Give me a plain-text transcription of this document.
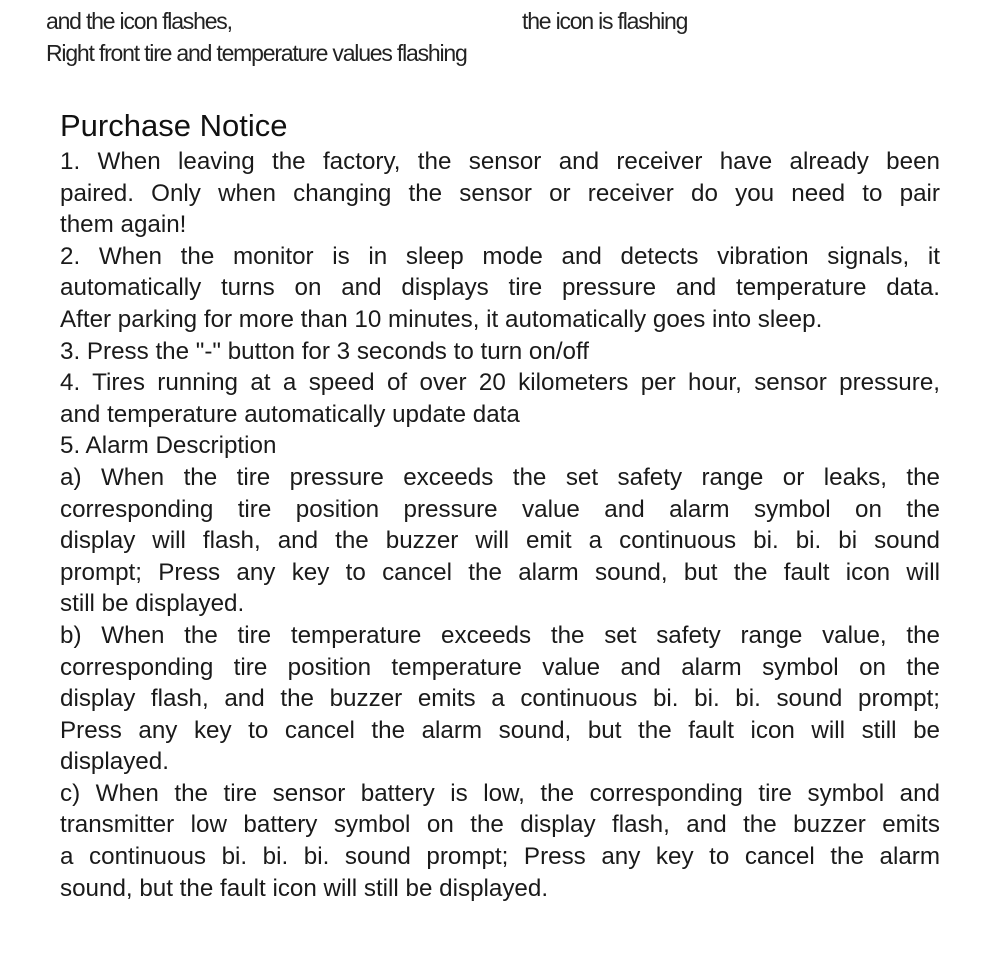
and the icon flashes,
Right front tire and temperature values flashing
the icon is flashing
Purchase Notice
1. When leaving the factory, the sensor and receiver have already been
paired. Only when changing the sensor or receiver do you need to pair
them again!
2. When the monitor is in sleep mode and detects vibration signals, it
automatically turns on and displays tire pressure and temperature data.
After parking for more than 10 minutes, it automatically goes into sleep.
3. Press the "-" button for 3 seconds to turn on/off
4. Tires running at a speed of over 20 kilometers per hour, sensor pressure,
and temperature automatically update data
5. Alarm Description
a) When the tire pressure exceeds the set safety range or leaks, the
corresponding tire position pressure value and alarm symbol on the
display will flash, and the buzzer will emit a continuous bi. bi. bi sound
prompt; Press any key to cancel the alarm sound, but the fault icon will
still be displayed.
b) When the tire temperature exceeds the set safety range value, the
corresponding tire position temperature value and alarm symbol on the
display flash, and the buzzer emits a continuous bi. bi. bi. sound prompt;
Press any key to cancel the alarm sound, but the fault icon will still be
displayed.
c) When the tire sensor battery is low, the corresponding tire symbol and
transmitter low battery symbol on the display flash, and the buzzer emits
a continuous bi. bi. bi. sound prompt; Press any key to cancel the alarm
sound, but the fault icon will still be displayed.
